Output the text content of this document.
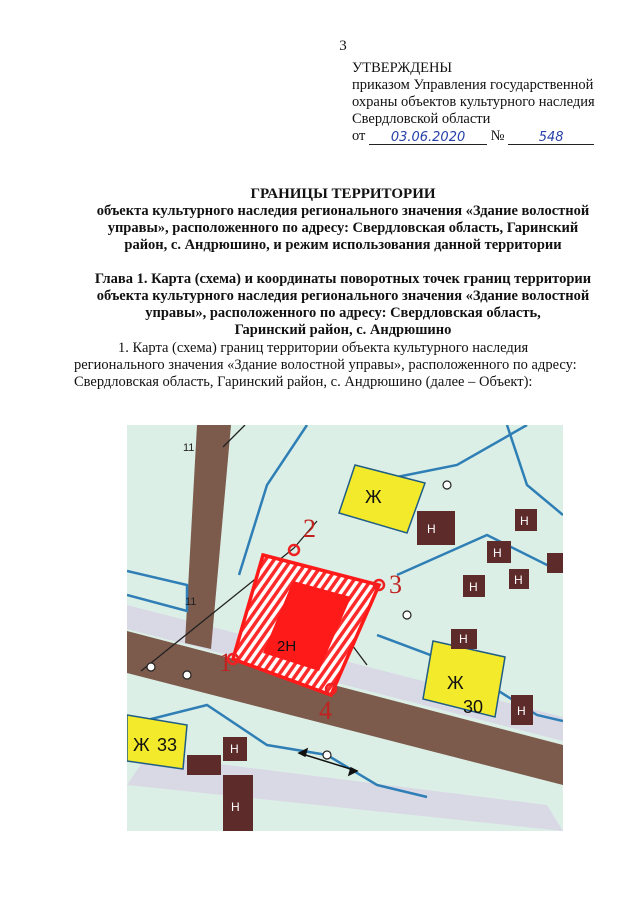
3
УТВЕРЖДЕНЫ
приказом Управления государственной
охраны объектов культурного наследия
Свердловской области
от 03.06.2020 №	548
ГРАНИЦЫ ТЕРРИТОРИИ
объекта культурного наследия регионального значения «Здание волостной
управы», расположенного по адресу: Свердловская область, Гаринский
район, с. Андрюшино, и режим использования данной территории
Глава 1. Карта (схема) и координаты поворотных точек границ территории
объекта культурного наследия регионального значения «Здание волостной
управы», расположенного по адресу: Свердловская область,
Гаринский район, с. Андрюшино
1. Карта (схема) границ территории объекта культурного наследия
регионального значения «Здание волостной управы», расположенного по адресу:
Свердловская область, Гаринский район, с. Андрюшино (далее – Объект):
1
2
3
4
Ж
Ж
Ж
30
33
2Н
Н
Н
Н
Н
Н
Н
Н
Н
Н
11
11
